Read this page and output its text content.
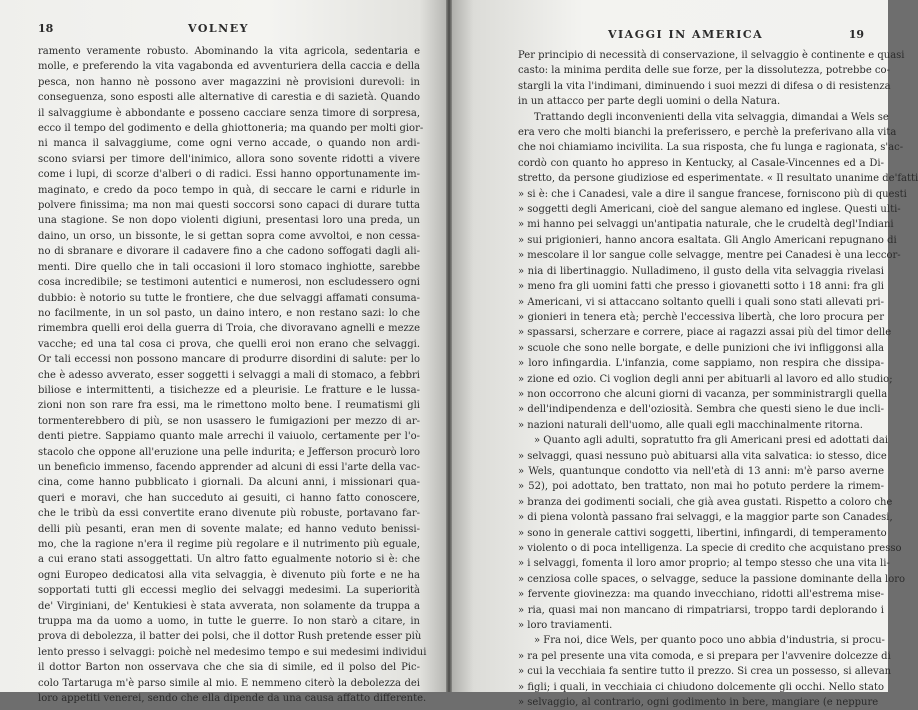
18	VOLNEY
ramento veramente robusto. Abominando la vita agricola, sedentaria e
molle, e preferendo la vita vagabonda ed avventuriera della caccia e della
pesca, non hanno nè possono aver magazzini nè provisioni durevoli: in
conseguenza, sono esposti alle alternative di carestia e di sazietà. Quando
il salvaggiume è abbondante e posseno cacciare senza timore di sorpresa,
ecco il tempo del godimento e della ghiottoneria; ma quando per molti gior-
ni manca il salvaggiume, come ogni verno accade, o quando non ardi-
scono sviarsi per timore dell'inimico, allora sono sovente ridotti a vivere
come i lupi, di scorze d'alberi o di radici. Essi hanno opportunamente im-
maginato, e credo da poco tempo in quà, di seccare le carni e ridurle in
polvere finissima; ma non mai questi soccorsi sono capaci di durare tutta
una stagione. Se non dopo violenti digiuni, presentasi loro una preda, un
daino, un orso, un bissonte, le si gettan sopra come avvoltoi, e non cessa-
no di sbranare e divorare il cadavere fino a che cadono soffogati dagli ali-
menti. Dire quello che in tali occasioni il loro stomaco inghiotte, sarebbe
cosa incredibile; se testimoni autentici e numerosi, non escludessero ogni
dubbio: è notorio su tutte le frontiere, che due selvaggi affamati consuma-
no facilmente, in un sol pasto, un daino intero, e non restano sazi: lo che
rimembra quelli eroi della guerra di Troia, che divoravano agnelli e mezze
vacche; ed una tal cosa ci prova, che quelli eroi non erano che selvaggi.
Or tali eccessi non possono mancare di produrre disordini di salute: per lo
che è adesso avverato, esser soggetti i selvaggi a mali di stomaco, a febbri
biliose e intermittenti, a tisichezze ed a pleurisie. Le fratture e le lussa-
zioni non son rare fra essi, ma le rimettono molto bene. I reumatismi gli
tormenterebbero di più, se non usassero le fumigazioni per mezzo di ar-
denti pietre. Sappiamo quanto male arrechi il vaiuolo, certamente per l'o-
stacolo che oppone all'eruzione una pelle indurita; e Jefferson procurò loro
un beneficio immenso, facendo apprender ad alcuni di essi l'arte della vac-
cina, come hanno pubblicato i giornali. Da alcuni anni, i missionari qua-
queri e moravi, che han succeduto ai gesuiti, ci hanno fatto conoscere,
che le tribù da essi convertite erano divenute più robuste, portavano far-
delli più pesanti, eran men di sovente malate; ed hanno veduto benissi-
mo, che la ragione n'era il regime più regolare e il nutrimento più eguale,
a cui erano stati assoggettati. Un altro fatto egualmente notorio si è: che
ogni Europeo dedicatosi alla vita selvaggia, è divenuto più forte e ne ha
sopportati tutti gli eccessi meglio dei selvaggi medesimi. La superiorità
de' Virginiani, de' Kentukiesi è stata avverata, non solamente da truppa a
truppa ma da uomo a uomo, in tutte le guerre. Io non starò a citare, in
prova di debolezza, il batter dei polsi, che il dottor Rush pretende esser più
lento presso i selvaggi: poichè nel medesimo tempo e sui medesimi individui
il dottor Barton non osservava che che sia di simile, ed il polso del Pic-
colo Tartaruga m'è parso simile al mio. E nemmeno citerò la debolezza dei
loro appetiti venerei, sendo che ella dipende da una causa affatto differente.
VIAGGI IN AMERICA	19
Per principio di necessità di conservazione, il selvaggio è continente e quasi
casto: la minima perdita delle sue forze, per la dissolutezza, potrebbe co-
stargli la vita l'indimani, diminuendo i suoi mezzi di difesa o di resistenza
in un attacco per parte degli uomini o della Natura.
Trattando degli inconvenienti della vita selvaggia, dimandai a Wels se
era vero che molti bianchi la preferissero, e perchè la preferivano alla vita
che noi chiamiamo incivilita. La sua risposta, che fu lunga e ragionata, s'ac-
cordò con quanto ho appreso in Kentucky, al Casale-Vincennes ed a Di-
stretto, da persone giudiziose ed esperimentate. « Il resultato unanime de'fatti
» si è: che i Canadesi, vale a dire il sangue francese, forniscono più di questi
» soggetti degli Americani, cioè del sangue alemano ed inglese. Questi ulti-
» mi hanno pei selvaggi un'antipatia naturale, che le crudeltà degl'Indiani
» sui prigionieri, hanno ancora esaltata. Gli Anglo Americani repugnano di
» mescolare il lor sangue colle selvagge, mentre pei Canadesi è una leccor-
» nia di libertinaggio. Nulladimeno, il gusto della vita selvaggia rivelasi
» meno fra gli uomini fatti che presso i giovanetti sotto i 18 anni: fra gli
» Americani, vi si attaccano soltanto quelli i quali sono stati allevati pri-
» gionieri in tenera età; perchè l'eccessiva libertà, che loro procura per
» spassarsi, scherzare e correre, piace ai ragazzi assai più del timor delle
» scuole che sono nelle borgate, e delle punizioni che ivi infliggonsi alla
» loro infingardia. L'infanzia, come sappiamo, non respira che dissipa-
» zione ed ozio. Ci voglion degli anni per abituarli al lavoro ed allo studio;
» non occorrono che alcuni giorni di vacanza, per somministrargli quella
» dell'indipendenza e dell'oziosità. Sembra che questi sieno le due incli-
» nazioni naturali dell'uomo, alle quali egli macchinalmente ritorna.
» Quanto agli adulti, sopratutto fra gli Americani presi ed adottati dai
» selvaggi, quasi nessuno può abituarsi alla vita salvatica: io stesso, dice
» Wels, quantunque condotto via nell'età di 13 anni: m'è parso averne
» 52), poi adottato, ben trattato, non mai ho potuto perdere la rimem-
» branza dei godimenti sociali, che già avea gustati. Rispetto a coloro che
» di piena volontà passano frai selvaggi, e la maggior parte son Canadesi,
» sono in generale cattivi soggetti, libertini, infingardi, di temperamento
» violento o di poca intelligenza. La specie di credito che acquistano presso
» i selvaggi, fomenta il loro amor proprio; al tempo stesso che una vita li-
» cenziosa colle spaces, o selvagge, seduce la passione dominante della loro
» fervente giovinezza: ma quando invecchiano, ridotti all'estrema mise-
» ria, quasi mai non mancano di rimpatriarsi, troppo tardi deplorando i
» loro traviamenti.
» Fra noi, dice Wels, per quanto poco uno abbia d'industria, si procu-
» ra pel presente una vita comoda, e si prepara per l'avvenire dolcezze di
» cui la vecchiaia fa sentire tutto il prezzo. Si crea un possesso, si allevan
» figli; i quali, in vecchiaia ci chiudono dolcemente gli occhi. Nello stato
» selvaggio, al contrario, ogni godimento in bere, mangiare (e neppure
